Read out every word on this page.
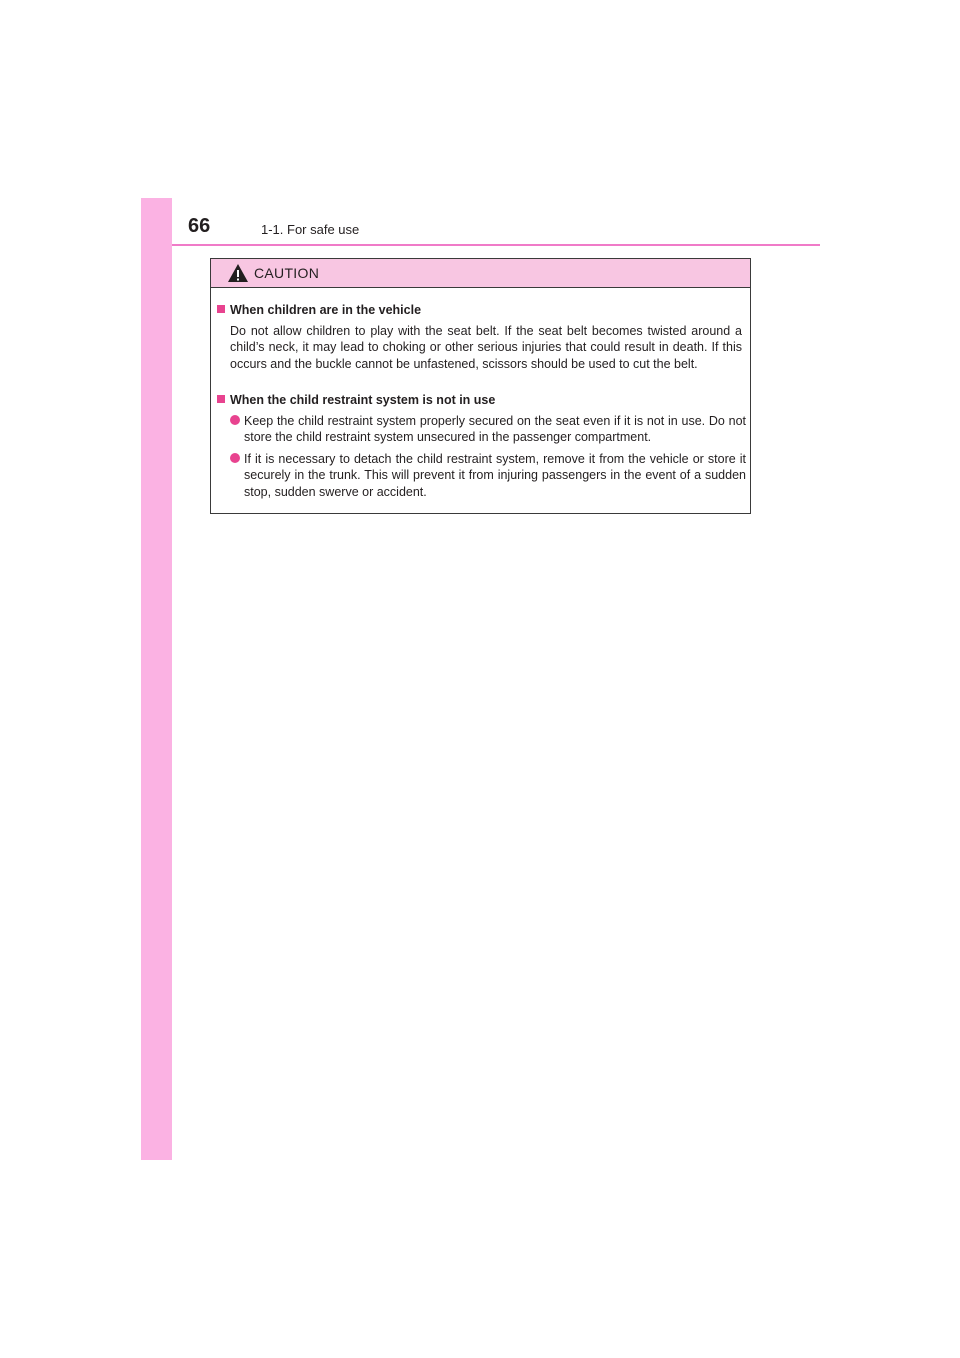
66	1-1. For safe use
CAUTION
When children are in the vehicle
Do not allow children to play with the seat belt. If the seat belt becomes twisted around a child’s neck, it may lead to choking or other serious injuries that could result in death. If this occurs and the buckle cannot be unfastened, scissors should be used to cut the belt.
When the child restraint system is not in use
Keep the child restraint system properly secured on the seat even if it is not in use. Do not store the child restraint system unsecured in the passenger compartment.
If it is necessary to detach the child restraint system, remove it from the vehicle or store it securely in the trunk. This will prevent it from injuring passengers in the event of a sudden stop, sudden swerve or accident.
